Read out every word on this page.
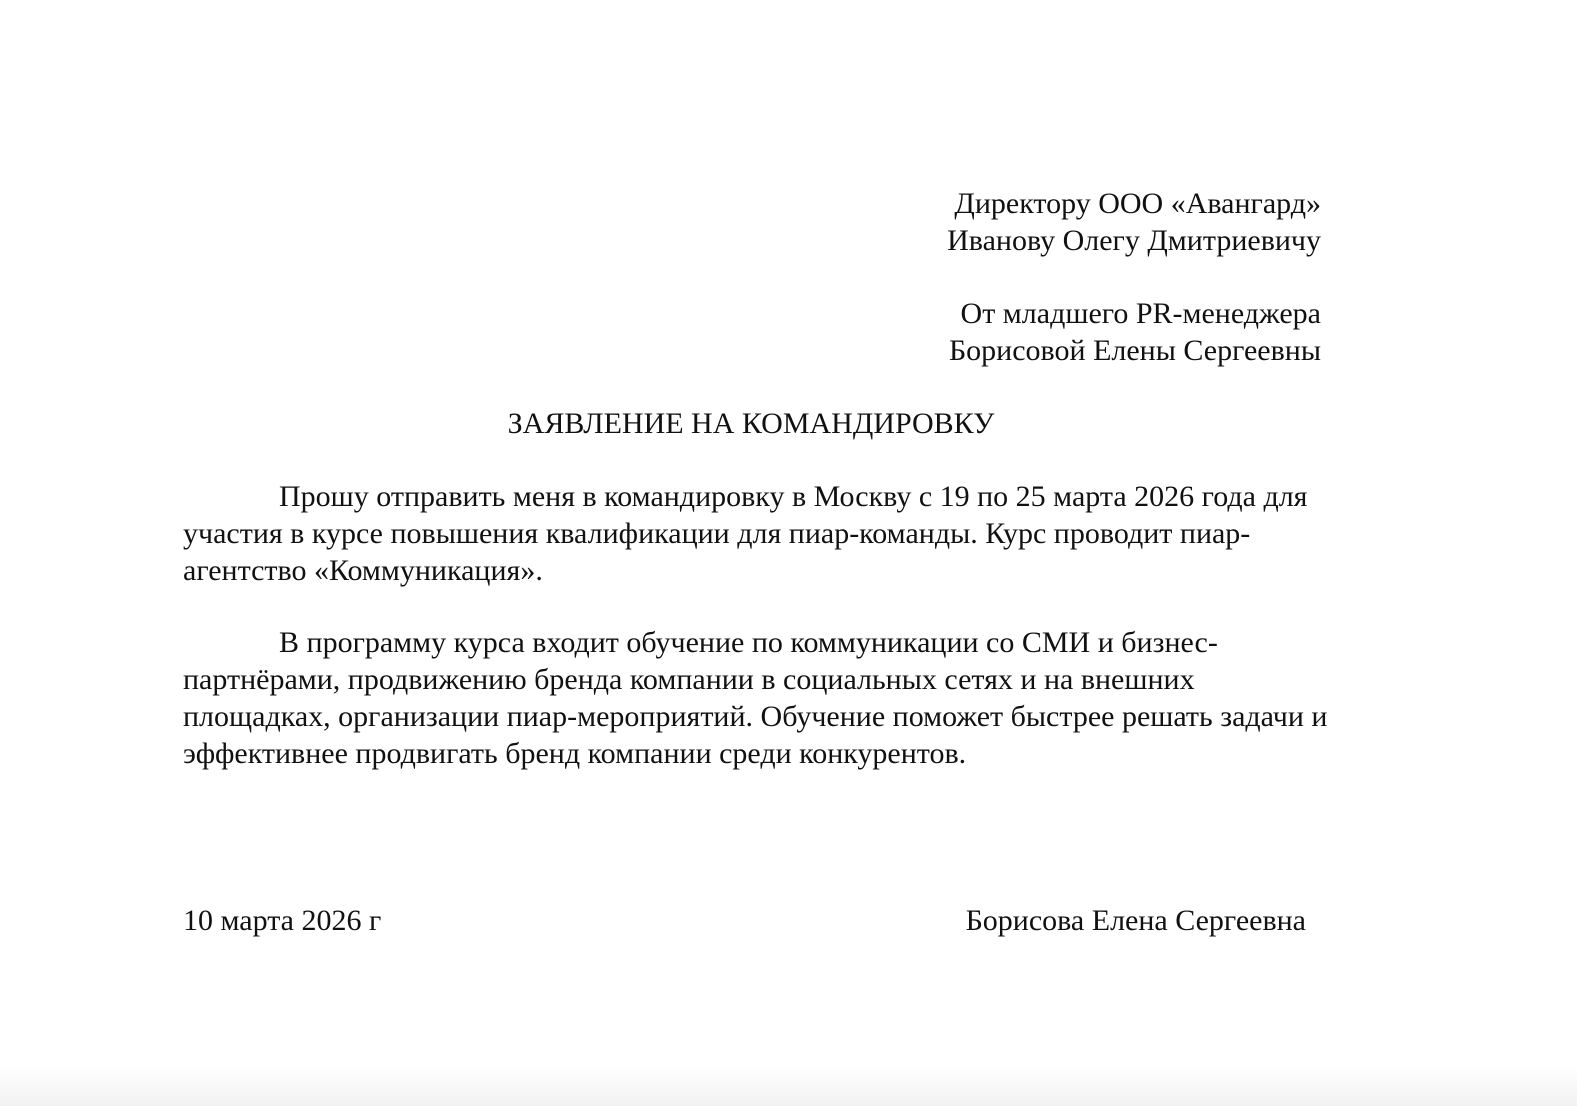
Директору ООО «Авангард»
Иванову Олегу Дмитриевичу
От младшего PR-менеджера
Борисовой Елены Сергеевны
ЗАЯВЛЕНИЕ НА КОМАНДИРОВКУ

Прошу отправить меня в командировку в Москву с 19 по 25 марта 2026 года для участия в курсе повышения квалификации для пиар-команды. Курс проводит пиар-агентство «Коммуникация».

В программу курса входит обучение по коммуникации со СМИ и бизнес-партнёрами, продвижению бренда компании в социальных сетях и на внешних площадках, организации пиар-мероприятий. Обучение поможет быстрее решать задачи и эффективнее продвигать бренд компании среди конкурентов.

10 марта 2026 г	Борисова Елена Сергеевна
